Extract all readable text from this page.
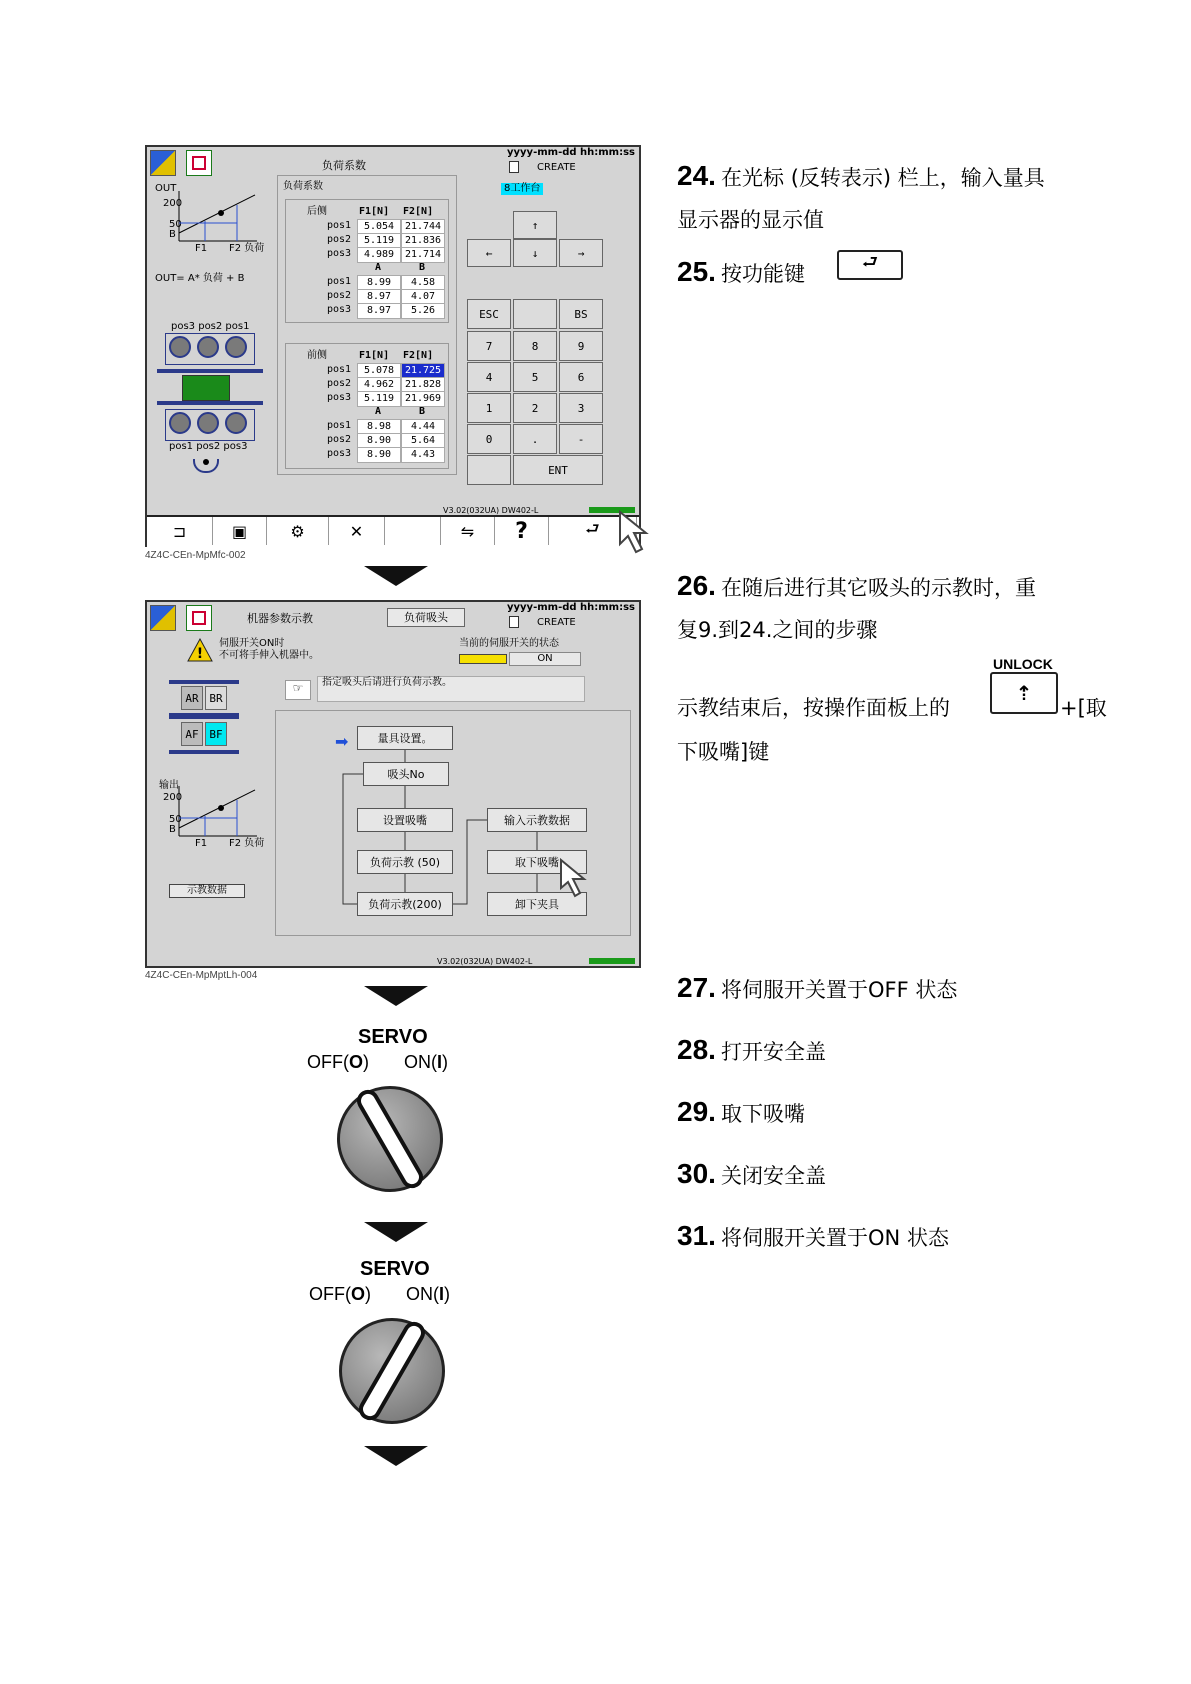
负荷系数
yyyy-mm-dd hh:mm:ss
CREATE
8工作台
OUT
200
50
B
F1 F2 负荷
OUT= A* 负荷 + B
pos3 pos2 pos1
pos1 pos2 pos3
负荷系数
后侧	F1[N] F2[N]
pos1	5.054	21.744
pos2	5.119	21.836
pos3	4.989	21.714
A	B
pos1	8.99	4.58
pos2	8.97	4.07
pos3	8.97	5.26
前侧	F1[N] F2[N]
pos1	5.078	21.725
pos2	4.962	21.828
pos3	5.119	21.969
A	B
pos1	8.98	4.44
pos2	8.90	5.64
pos3	8.90	4.43
↑
←	↓	→
ESC	BS
7	8	9
4	5	6
1	2	3
0	.	-
ENT
V3.02(032UA) DW402-L
⊐	▣	⚙	✕	⇋	?	⮐
4Z4C-CEn-MpMfc-002
机器参数示教	负荷吸头
yyyy-mm-dd hh:mm:ss
CREATE
!
伺服开关ON时
不可将手伸入机器中。
当前的伺服开关的状态
ON
☞	指定吸头后请进行负荷示教。
AR BR
AF BF
输出
200
50
B
F1 F2 负荷
示教数据
➡	量具设置。
吸头No
设置吸嘴
负荷示教 (50)
负荷示教(200)
输入示教数据
取下吸嘴
卸下夹具
V3.02(032UA) DW402-L
4Z4C-CEn-MpMptLh-004
SERVO
OFF(O) ON(I)
SERVO
OFF(O) ON(I)
24. 在光标 (反转表示) 栏上，输入量具
显示器的显示值
25. 按功能键	⮐
26. 在随后进行其它吸头的示教时，重
复9.到24.之间的步骤
UNLOCK
示教结束后，按操作面板上的
⇡
+[取
下吸嘴]键
27. 将伺服开关置于OFF 状态
28. 打开安全盖
29. 取下吸嘴
30. 关闭安全盖
31. 将伺服开关置于ON 状态
